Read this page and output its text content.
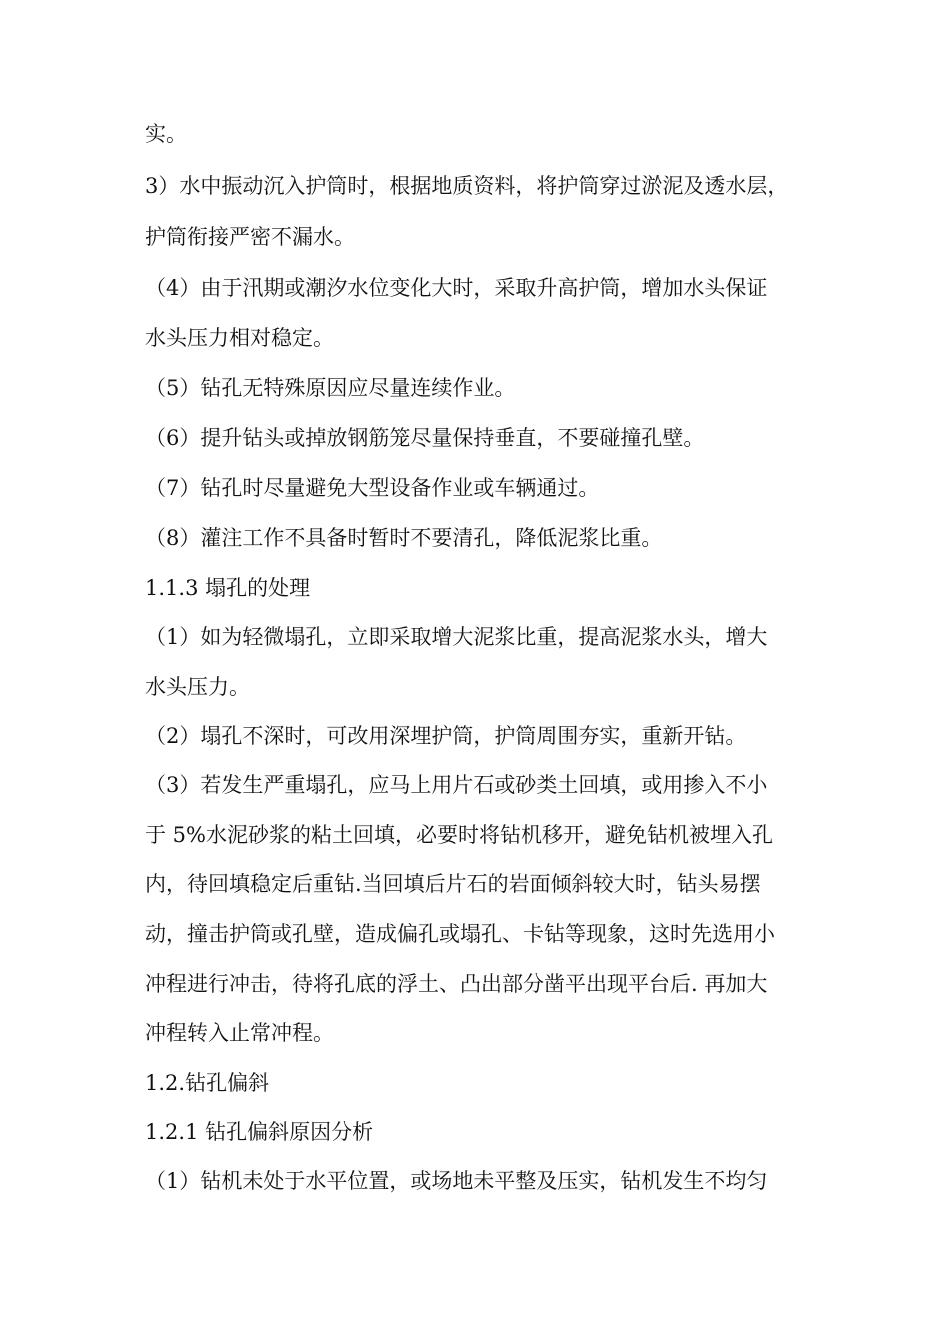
实。
3）水中振动沉入护筒时，根据地质资料，将护筒穿过淤泥及透水层，
护筒衔接严密不漏水。
（4）由于汛期或潮汐水位变化大时，采取升高护筒，增加水头保证
水头压力相对稳定。
（5）钻孔无特殊原因应尽量连续作业。
（6）提升钻头或掉放钢筋笼尽量保持垂直，不要碰撞孔壁。
（7）钻孔时尽量避免大型设备作业或车辆通过。
（8）灌注工作不具备时暂时不要清孔，降低泥浆比重。
1.1.3 塌孔的处理
（1）如为轻微塌孔，立即采取增大泥浆比重，提高泥浆水头，增大
水头压力。
（2）塌孔不深时，可改用深埋护筒，护筒周围夯实，重新开钻。
（3）若发生严重塌孔，应马上用片石或砂类土回填，或用掺入不小
于 5%水泥砂浆的粘土回填，必要时将钻机移开，避免钻机被埋入孔
内，待回填稳定后重钻.当回填后片石的岩面倾斜较大时，钻头易摆
动，撞击护筒或孔壁，造成偏孔或塌孔、卡钻等现象，这时先选用小
冲程进行冲击，待将孔底的浮土、凸出部分凿平出现平台后. 再加大
冲程转入止常冲程。
1.2.钻孔偏斜
1.2.1 钻孔偏斜原因分析
（1）钻机未处于水平位置，或场地未平整及压实，钻机发生不均匀
